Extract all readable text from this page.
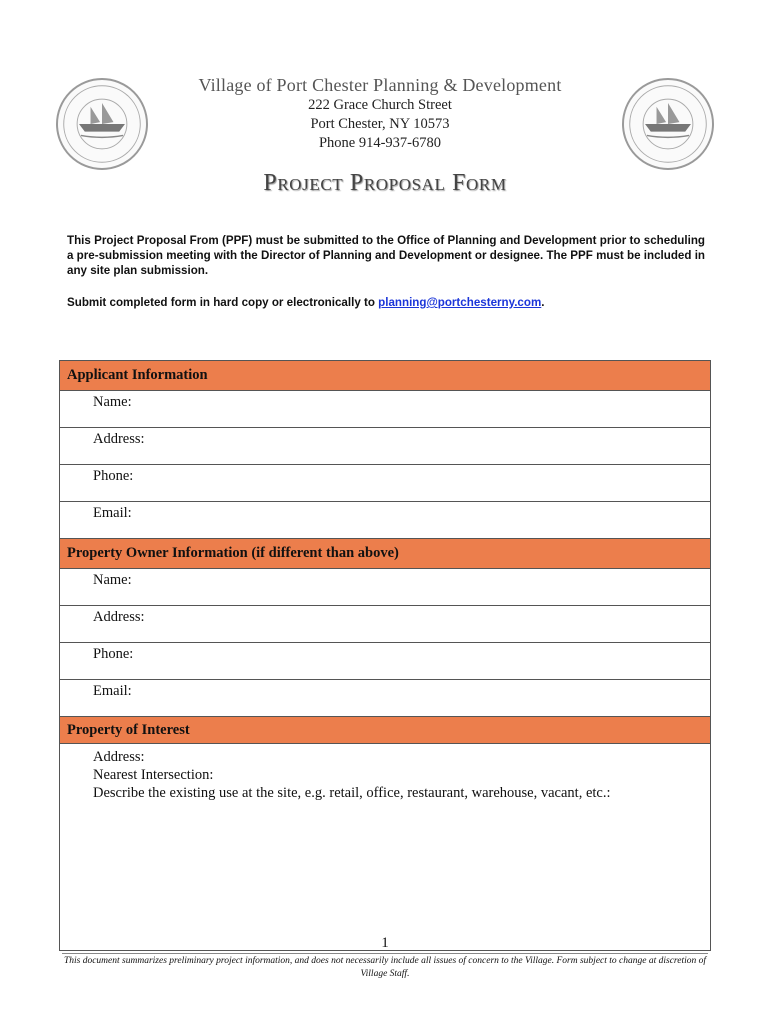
Village of Port Chester Planning & Development
222 Grace Church Street
Port Chester, NY 10573
Phone 914-937-6780
Project Proposal Form
This Project Proposal From (PPF) must be submitted to the Office of Planning and Development prior to scheduling a pre-submission meeting with the Director of Planning and Development or designee. The PPF must be included in any site plan submission.
Submit completed form in hard copy or electronically to planning@portchesterny.com.
Applicant Information
Name:
Address:
Phone:
Email:
Property Owner Information (if different than above)
Name:
Address:
Phone:
Email:
Property of Interest
Address:
Nearest Intersection:
Describe the existing use at the site, e.g. retail, office, restaurant, warehouse, vacant, etc.:
1
This document summarizes preliminary project information, and does not necessarily include all issues of concern to the Village. Form subject to change at discretion of Village Staff.
